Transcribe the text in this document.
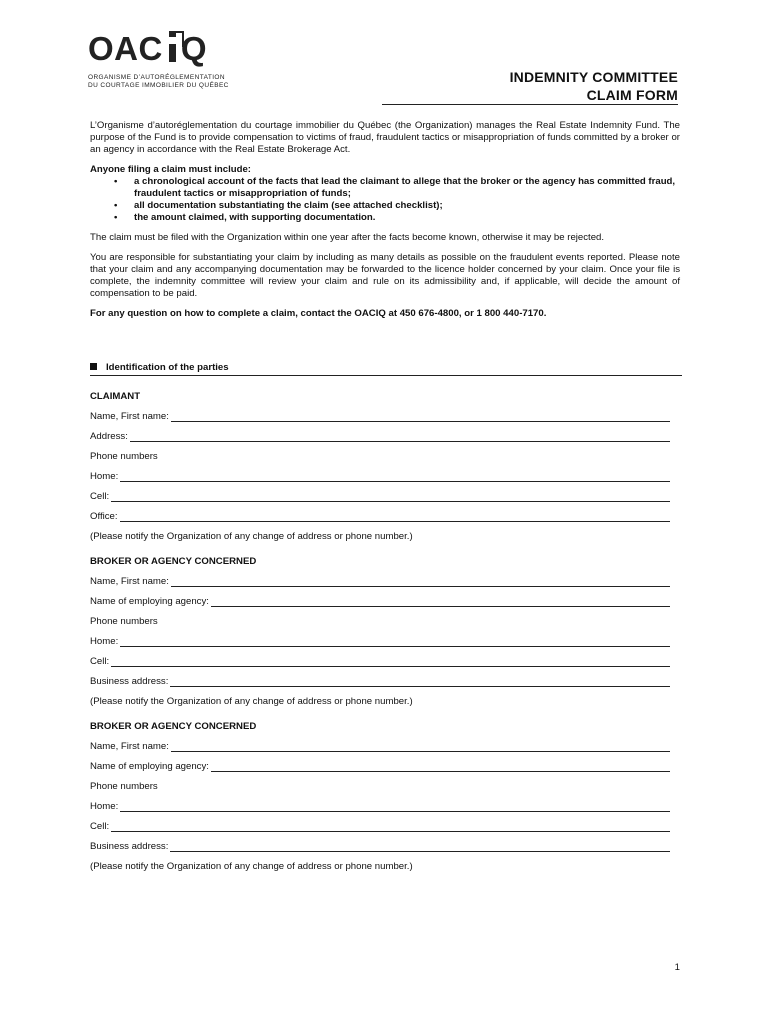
OAC Q
ORGANISME D’AUTORÉGLEMENTATION
DU COURTAGE IMMOBILIER DU QUÉBEC
INDEMNITY COMMITTEE
CLAIM FORM

L’Organisme d’autoréglementation du courtage immobilier du Québec (the Organization) manages the Real Estate Indemnity Fund. The purpose of the Fund is to provide compensation to victims of fraud, fraudulent tactics or misappropriation of funds committed by a broker or an agency in accordance with the Real Estate Brokerage Act.

Anyone filing a claim must include:
• a chronological account of the facts that lead the claimant to allege that the broker or the agency has committed fraud, fraudulent tactics or misappropriation of funds;
• all documentation substantiating the claim (see attached checklist);
• the amount claimed, with supporting documentation.

The claim must be filed with the Organization within one year after the facts become known, otherwise it may be rejected.

You are responsible for substantiating your claim by including as many details as possible on the fraudulent events reported. Please note that your claim and any accompanying documentation may be forwarded to the licence holder concerned by your claim. Once your file is complete, the indemnity committee will review your claim and rule on its admissibility and, if applicable, will decide the amount of compensation to be paid.

For any question on how to complete a claim, contact the OACIQ at 450 676-4800, or 1 800 440-7170.

Identification of the parties
CLAIMANT
Name, First name:
Address:
Phone numbers
Home:
Cell:
Office:
(Please notify the Organization of any change of address or phone number.)
BROKER OR AGENCY CONCERNED
Name, First name:
Name of employing agency:
Phone numbers
Home:
Cell:
Business address:
(Please notify the Organization of any change of address or phone number.)
BROKER OR AGENCY CONCERNED
Name, First name:
Name of employing agency:
Phone numbers
Home:
Cell:
Business address:
(Please notify the Organization of any change of address or phone number.)
1
